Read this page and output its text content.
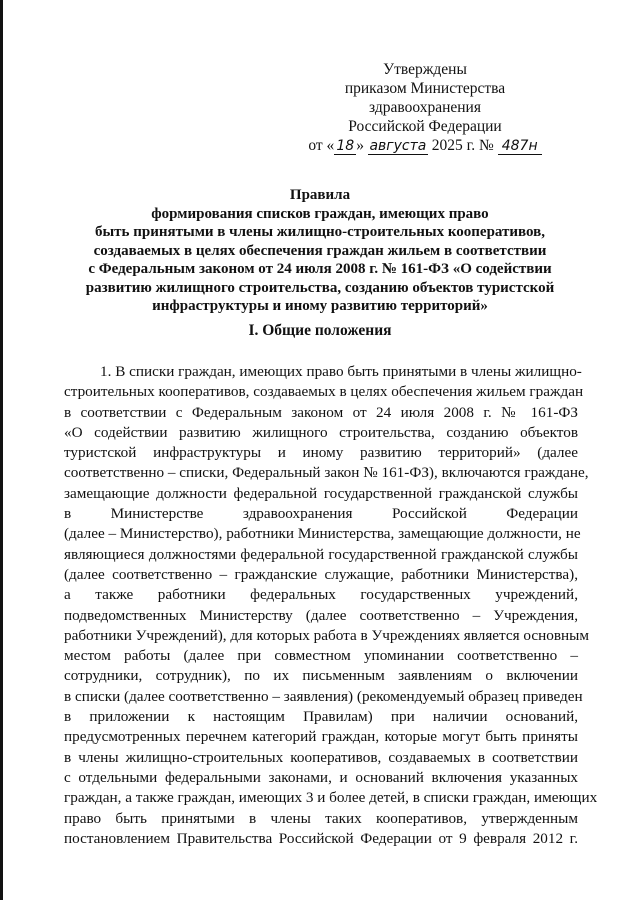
Утверждены
приказом Министерства
здравоохранения
Российской Федерации
от « 18 » августа 2025 г. № 487н
Правила
формирования списков граждан, имеющих право
быть принятыми в члены жилищно-строительных кооперативов,
создаваемых в целях обеспечения граждан жильем в соответствии
с Федеральным законом от 24 июля 2008 г. № 161-ФЗ «О содействии
развитию жилищного строительства, созданию объектов туристской
инфраструктуры и иному развитию территорий»
I. Общие положения
1. В списки граждан, имеющих право быть принятыми в члены жилищно-
строительных кооперативов, создаваемых в целях обеспечения жильем граждан
в соответствии с Федеральным законом от 24 июля 2008 г. № 161-ФЗ
«О содействии развитию жилищного строительства, созданию объектов
туристской инфраструктуры и иному развитию территорий» (далее
соответственно – списки, Федеральный закон № 161-ФЗ), включаются граждане,
замещающие должности федеральной государственной гражданской службы
в Министерстве здравоохранения Российской Федерации
(далее – Министерство), работники Министерства, замещающие должности, не
являющиеся должностями федеральной государственной гражданской службы
(далее соответственно – гражданские служащие, работники Министерства),
а также работники федеральных государственных учреждений,
подведомственных Министерству (далее соответственно – Учреждения,
работники Учреждений), для которых работа в Учреждениях является основным
местом работы (далее при совместном упоминании соответственно –
сотрудники, сотрудник), по их письменным заявлениям о включении
в списки (далее соответственно – заявления) (рекомендуемый образец приведен
в приложении к настоящим Правилам) при наличии оснований,
предусмотренных перечнем категорий граждан, которые могут быть приняты
в члены жилищно-строительных кооперативов, создаваемых в соответствии
с отдельными федеральными законами, и оснований включения указанных
граждан, а также граждан, имеющих 3 и более детей, в списки граждан, имеющих
право быть принятыми в члены таких кооперативов, утвержденным
постановлением Правительства Российской Федерации от 9 февраля 2012 г.
